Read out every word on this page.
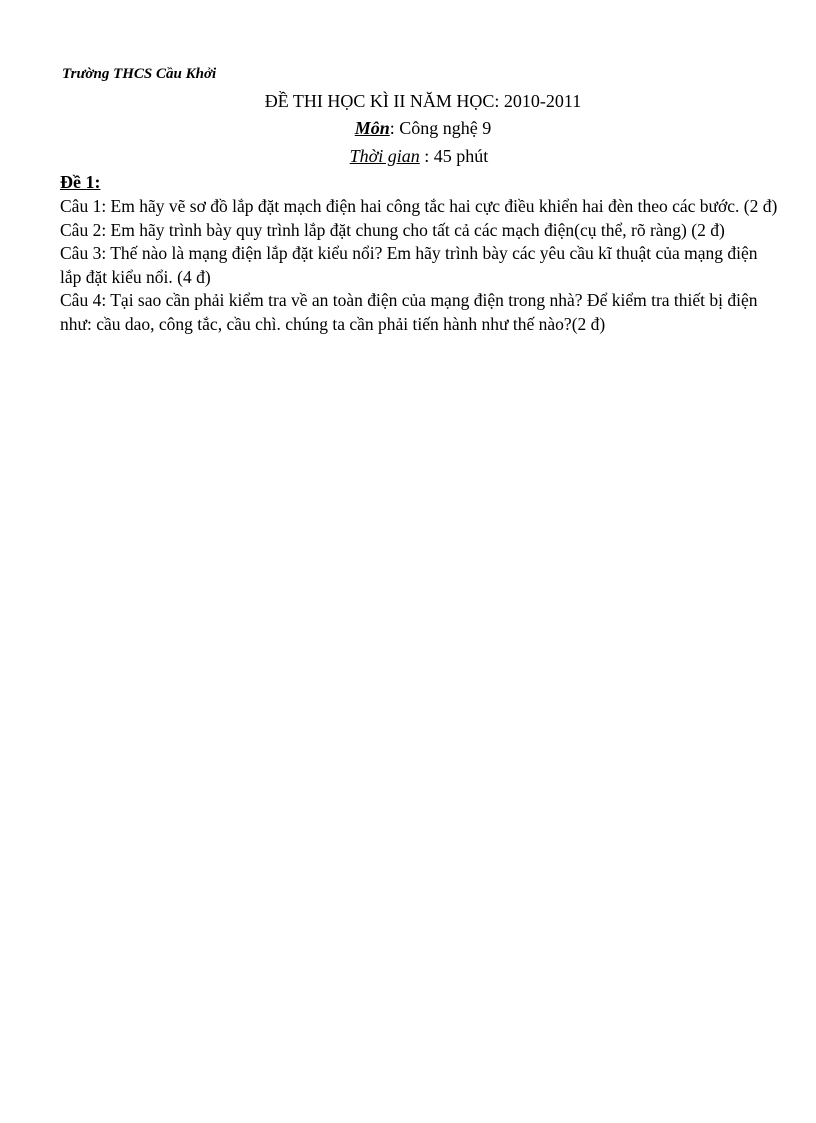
Trường THCS Cầu Khởi
ĐỀ THI HỌC KÌ II NĂM HỌC: 2010-2011
Môn: Công nghệ 9
Thời gian : 45 phút
Đề 1:

Câu 1: Em hãy vẽ sơ đồ lắp đặt mạch điện hai công tắc hai cực điều khiển hai đèn theo các bước. (2 đ)

Câu 2: Em hãy trình bày quy trình lắp đặt chung cho tất cả các mạch điện(cụ thể, rõ ràng) (2 đ)

Câu 3: Thế nào là mạng điện lắp đặt kiểu nổi? Em hãy trình bày các yêu cầu kĩ thuật của mạng điện lắp đặt kiểu nổi. (4 đ)

Câu 4: Tại sao cần phải kiểm tra về an toàn điện của mạng điện trong nhà? Để kiểm tra thiết bị điện như: cầu dao, công tắc, cầu chì. chúng ta cần phải tiến hành như thế nào?(2 đ)
